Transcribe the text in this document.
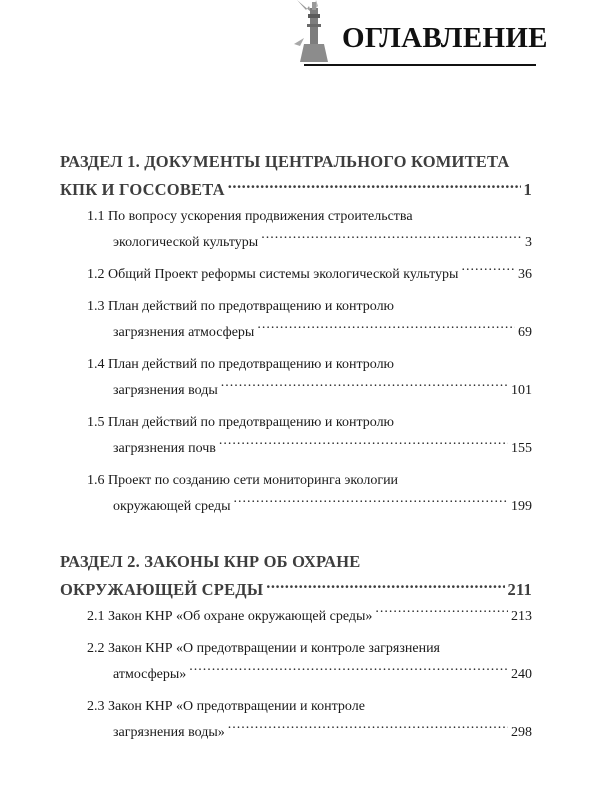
ОГЛАВЛЕНИЕ
РАЗДЕЛ 1. ДОКУМЕНТЫ ЦЕНТРАЛЬНОГО КОМИТЕТА
КПК И ГОССОВЕТА .....	1
1.1 По вопросу ускорения продвижения строительства
экологической культуры .....	3
1.2 Общий Проект реформы системы экологической культуры .....	36
1.3 План действий по предотвращению и контролю
загрязнения атмосферы .....	69
1.4 План действий по предотвращению и контролю
загрязнения воды .....	101
1.5 План действий по предотвращению и контролю
загрязнения почв .....	155
1.6 Проект по созданию сети мониторинга экологии
окружающей среды .....	199
РАЗДЕЛ 2. ЗАКОНЫ КНР ОБ ОХРАНЕ
ОКРУЖАЮЩЕЙ СРЕДЫ .....	211
2.1 Закон КНР «Об охране окружающей среды» .....	213
2.2 Закон КНР «О предотвращении и контроле загрязнения
атмосферы» .....	240
2.3 Закон КНР «О предотвращении и контроле
загрязнения воды» .....	298
